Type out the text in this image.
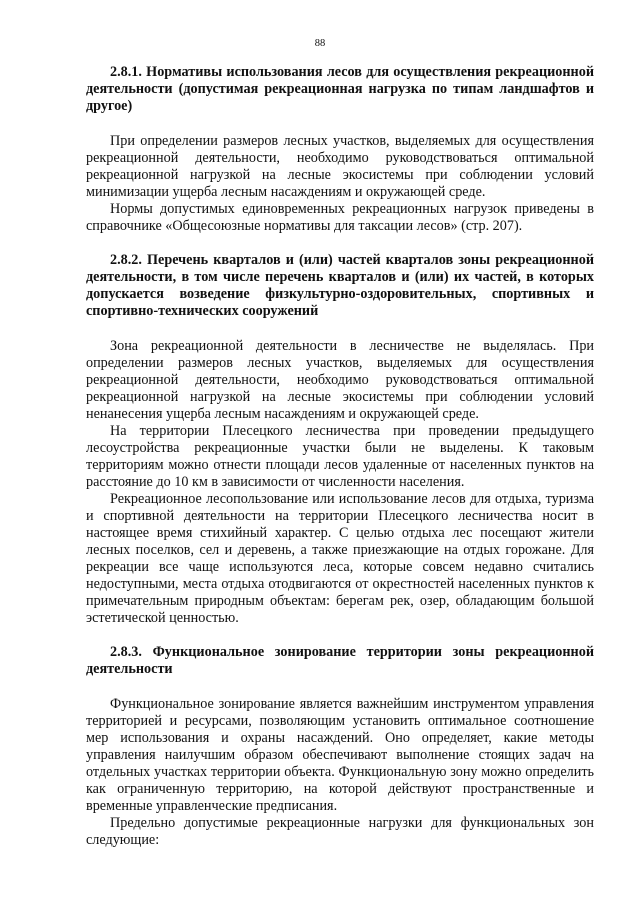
88

2.8.1. Нормативы использования лесов для осуществления рекреационной деятельности (допустимая рекреационная нагрузка по типам ландшафтов и другое)

При определении размеров лесных участков, выделяемых для осуществления рекреационной деятельности, необходимо руководствоваться оптимальной рекреационной нагрузкой на лесные экосистемы при соблюдении условий минимизации ущерба лесным насаждениям и окружающей среде.

Нормы допустимых единовременных рекреационных нагрузок приведены в справочнике «Общесоюзные нормативы для таксации лесов» (стр. 207).

2.8.2. Перечень кварталов и (или) частей кварталов зоны рекреационной деятельности, в том числе перечень кварталов и (или) их частей, в которых допускается возведение физкультурно-оздоровительных, спортивных и спортивно-технических сооружений

Зона рекреационной деятельности в лесничестве не выделялась. При определении размеров лесных участков, выделяемых для осуществления рекреационной деятельности, необходимо руководствоваться оптимальной рекреационной нагрузкой на лесные экосистемы при соблюдении условий ненанесения ущерба лесным насаждениям и окружающей среде.

На территории Плесецкого лесничества при проведении предыдущего лесоустройства рекреационные участки были не выделены. К таковым территориям можно отнести площади лесов удаленные от населенных пунктов на расстояние до 10 км в зависимости от численности населения.

Рекреационное лесопользование или использование лесов для отдыха, туризма и спортивной деятельности на территории Плесецкого лесничества носит в настоящее время стихийный характер. С целью отдыха лес посещают жители лесных поселков, сел и деревень, а также приезжающие на отдых горожане. Для рекреации все чаще используются леса, которые совсем недавно считались недоступными, места отдыха отодвигаются от окрестностей населенных пунктов к примечательным природным объектам: берегам рек, озер, обладающим большой эстетической ценностью.

2.8.3. Функциональное зонирование территории зоны рекреационной деятельности

Функциональное зонирование является важнейшим инструментом управления территорией и ресурсами, позволяющим установить оптимальное соотношение мер использования и охраны насаждений. Оно определяет, какие методы управления наилучшим образом обеспечивают выполнение стоящих задач на отдельных участках территории объекта. Функциональную зону можно определить как ограниченную территорию, на которой действуют пространственные и временные управленческие предписания.

Предельно допустимые рекреационные нагрузки для функциональных зон следующие:
